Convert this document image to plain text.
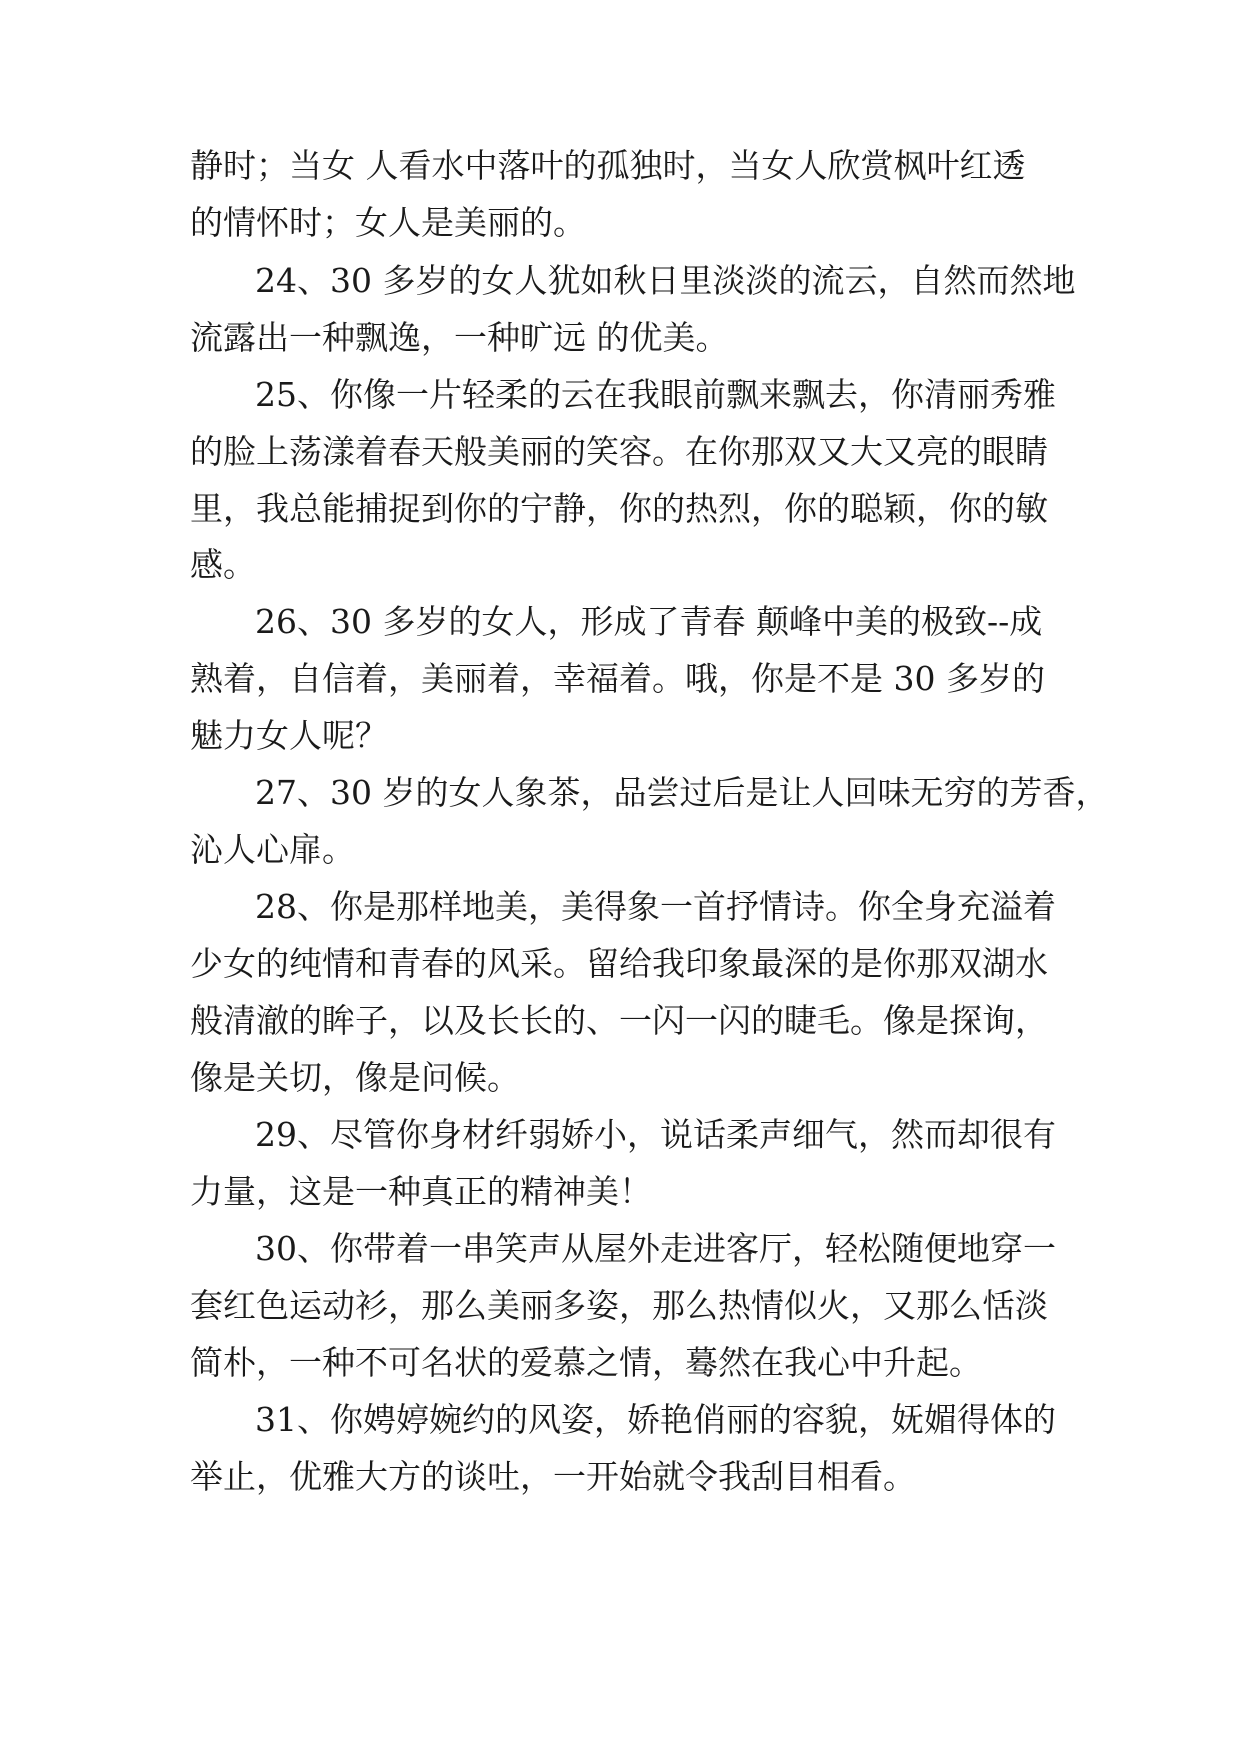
静时；当女 人看水中落叶的孤独时，当女人欣赏枫叶红透
的情怀时；女人是美丽的。
24、30 多岁的女人犹如秋日里淡淡的流云，自然而然地
流露出一种飘逸，一种旷远 的优美。
25、你像一片轻柔的云在我眼前飘来飘去，你清丽秀雅
的脸上荡漾着春天般美丽的笑容。在你那双又大又亮的眼睛
里，我总能捕捉到你的宁静，你的热烈，你的聪颖，你的敏
感。
26、30 多岁的女人，形成了青春 颠峰中美的极致--成
熟着，自信着，美丽着，幸福着。哦，你是不是 30 多岁的
魅力女人呢？
27、30 岁的女人象茶，品尝过后是让人回味无穷的芳香，
沁人心扉。
28、你是那样地美，美得象一首抒情诗。你全身充溢着
少女的纯情和青春的风采。留给我印象最深的是你那双湖水
般清澈的眸子，以及长长的、一闪一闪的睫毛。像是探询，
像是关切，像是问候。
29、尽管你身材纤弱娇小，说话柔声细气，然而却很有
力量，这是一种真正的精神美！
30、你带着一串笑声从屋外走进客厅，轻松随便地穿一
套红色运动衫，那么美丽多姿，那么热情似火，又那么恬淡
简朴，一种不可名状的爱慕之情，蓦然在我心中升起。
31、你娉婷婉约的风姿，娇艳俏丽的容貌，妩媚得体的
举止，优雅大方的谈吐，一开始就令我刮目相看。
